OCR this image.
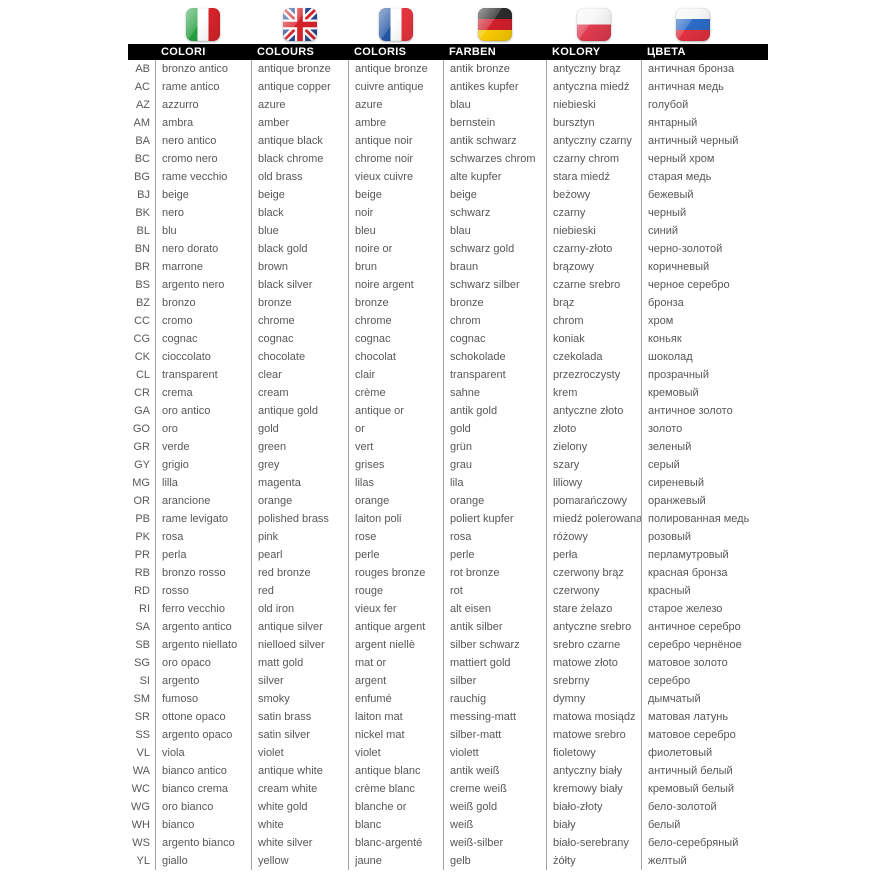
COLORI	COLOURS	COLORIS	FARBEN	KOLORY	ЦВЕТА
AB	bronzo antico	antique bronze	antique bronze	antik bronze	antyczny brąz	античная бронза
AC	rame antico	antique copper	cuivre antique	antikes kupfer	antyczna miedź	античная медь
AZ	azzurro	azure	azure	blau	niebieski	голубой
AM	ambra	amber	ambre	bernstein	bursztyn	янтарный
BA	nero antico	antique black	antique noir	antik schwarz	antyczny czarny	античный черный
BC	cromo nero	black chrome	chrome noir	schwarzes chrom	czarny chrom	черный хром
BG	rame vecchio	old brass	vieux cuivre	alte kupfer	stara miedź	старая медь
BJ	beige	beige	beige	beige	beżowy	бежевый
BK	nero	black	noir	schwarz	czarny	черный
BL	blu	blue	bleu	blau	niebieski	синий
BN	nero dorato	black gold	noire or	schwarz gold	czarny-złoto	черно-золотой
BR	marrone	brown	brun	braun	brązowy	коричневый
BS	argento nero	black silver	noire argent	schwarz silber	czarne srebro	черное серебро
BZ	bronzo	bronze	bronze	bronze	brąz	бронза
CC	cromo	chrome	chrome	chrom	chrom	хром
CG	cognac	cognac	cognac	cognac	koniak	коньяк
CK	cioccolato	chocolate	chocolat	schokolade	czekolada	шоколад
CL	transparent	clear	clair	transparent	przezroczysty	прозрачный
CR	crema	cream	crème	sahne	krem	кремовый
GA	oro antico	antique gold	antique or	antik gold	antyczne złoto	античное золото
GO	oro	gold	or	gold	złoto	золото
GR	verde	green	vert	grün	zielony	зеленый
GY	grigio	grey	grises	grau	szary	серый
MG	lilla	magenta	lilas	lila	liliowy	сиреневый
OR	arancione	orange	orange	orange	pomarańczowy	оранжевый
PB	rame levigato	polished brass	laiton poli	poliert kupfer	miedź polerowana полированная медь
PK	rosa	pink	rose	rosa	różowy	розовый
PR	perla	pearl	perle	perle	perła	перламутровый
RB	bronzo rosso	red bronze	rouges bronze	rot bronze	czerwony brąz	красная бронза
RD	rosso	red	rouge	rot	czerwony	красный
RI	ferro vecchio	old iron	vieux fer	alt eisen	stare żelazo	старое железо
SA	argento antico	antique silver	antique argent	antik silber	antyczne srebro	античное серебро
SB	argento niellato	nielloed silver	argent niellè	silber schwarz	srebro czarne	серебро чернёное
SG	oro opaco	matt gold	mat or	mattiert gold	matowe złoto	матовое золото
SI	argento	silver	argent	silber	srebrny	серебро
SM	fumoso	smoky	enfumé	rauchig	dymny	дымчатый
SR	ottone opaco	satin brass	laiton mat	messing-matt	matowa mosiądz	матовая латунь
SS	argento opaco	satin silver	nickel mat	silber-matt	matowe srebro	матовое серебро
VL	viola	violet	violet	violett	fioletowy	фиолетовый
WA	bianco antico	antique white	antique blanc	antik weiß	antyczny biały	античный белый
WC	bianco crema	cream white	crème blanc	creme weiß	kremowy biały	кремовый белый
WG	oro bianco	white gold	blanche or	weiß gold	biało-złoty	бело-золотой
WH	bianco	white	blanc	weiß	biały	белый
WS	argento bianco	white silver	blanc-argenté	weiß-silber	biało-serebrany	бело-серебряный
YL	giallo	yellow	jaune	gelb	żółty	желтый
